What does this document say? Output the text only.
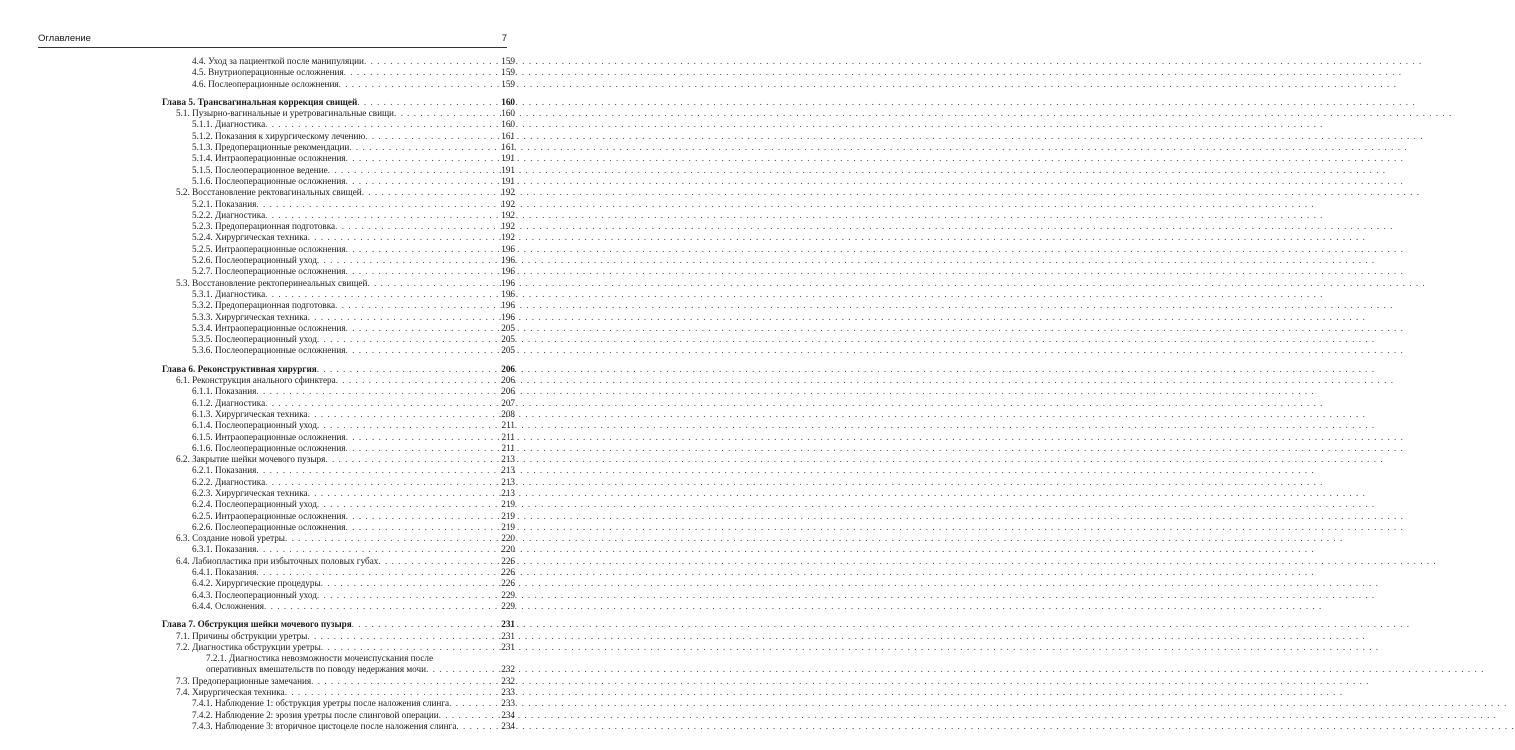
Оглавление	7
4.4. Уход за пациенткой после манипуляции . . .	159
4.5. Внутриоперационные осложнения . . .	159
4.6. Послеоперационные осложнения . . .	159
Глава 5. Трансвагинальная коррекция свищей . . .	160
5.1. Пузырно-вагинальные и уретровагинальные свищи . . .	160
5.1.1. Диагностика . . .	160
5.1.2. Показания к хирургическому лечению . . .	161
5.1.3. Предоперационные рекомендации . . .	161
5.1.4. Интраоперационные осложнения . . .	191
5.1.5. Послеоперационное ведение . . .	191
5.1.6. Послеоперационные осложнения . . .	191
5.2. Восстановление ректовагинальных свищей . . .	192
5.2.1. Показания . . .	192
5.2.2. Диагностика . . .	192
5.2.3. Предоперационная подготовка . . .	192
5.2.4. Хирургическая техника . . .	192
5.2.5. Интраоперационные осложнения . . .	196
5.2.6. Послеоперационный уход . . .	196
5.2.7. Послеоперационные осложнения . . .	196
5.3. Восстановление ректоперинеальных свищей . . .	196
5.3.1. Диагностика . . .	196
5.3.2. Предоперационная подготовка . . .	196
5.3.3. Хирургическая техника . . .	196
5.3.4. Интраоперационные осложнения . . .	205
5.3.5. Послеоперационный уход . . .	205
5.3.6. Послеоперационные осложнения . . .	205
Глава 6. Реконструктивная хирургия . . .	206
6.1. Реконструкция анального сфинктера . . .	206
6.1.1. Показания . . .	206
6.1.2. Диагностика . . .	207
6.1.3. Хирургическая техника . . .	208
6.1.4. Послеоперационный уход . . .	211
6.1.5. Интраоперационные осложнения . . .	211
6.1.6. Послеоперационные осложнения . . .	211
6.2. Закрытие шейки мочевого пузыря . . .	213
6.2.1. Показания . . .	213
6.2.2. Диагностика . . .	213
6.2.3. Хирургическая техника . . .	213
6.2.4. Послеоперационный уход . . .	219
6.2.5. Интраоперационные осложнения . . .	219
6.2.6. Послеоперационные осложнения . . .	219
6.3. Создание новой уретры . . .	220
6.3.1. Показания . . .	220
6.4. Лабиопластика при избыточных половых губах . . .	226
6.4.1. Показания . . .	226
6.4.2. Хирургические процедуры . . .	226
6.4.3. Послеоперационный уход . . .	229
6.4.4. Осложнения . . .	229
Глава 7. Обструкция шейки мочевого пузыря . . .	231
7.1. Причины обструкции уретры . . .	231
7.2. Диагностика обструкции уретры . . .	231
7.2.1. Диагностика невозможности мочеиспускания после
оперативных вмешательств по поводу недержания мочи . . .	232
7.3. Предоперационные замечания . . .	232
7.4. Хирургическая техника . . .	233
7.4.1. Наблюдение 1: обструкция уретры после наложения слинга . . .	233
7.4.2. Наблюдение 2: эрозия уретры после слинговой операции . . .	234
7.4.3. Наблюдение 3: вторичное цистоцеле после наложения слинга . . .	234
